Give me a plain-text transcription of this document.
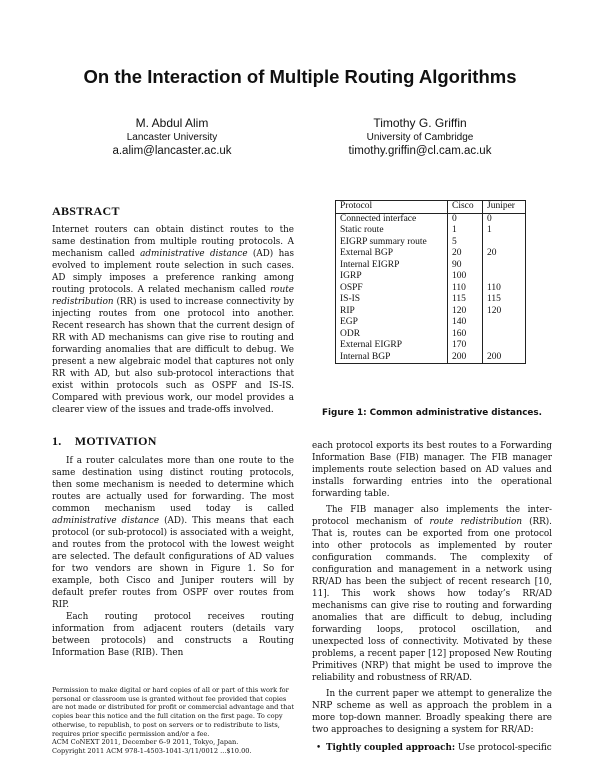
On the Interaction of Multiple Routing Algorithms
M. Abdul Alim
Lancaster University
a.alim@lancaster.ac.uk
Timothy G. Griffin
University of Cambridge
timothy.griffin@cl.cam.ac.uk
ABSTRACT

Internet routers can obtain distinct routes to the same destination from multiple routing protocols. A mechanism called administrative distance (AD) has evolved to implement route selection in such cases. AD simply imposes a preference ranking among routing protocols. A related mechanism called route redistribution (RR) is used to increase connectivity by injecting routes from one protocol into another. Recent research has shown that the current design of RR with AD mechanisms can give rise to routing and forwarding anomalies that are difficult to debug. We present a new algebraic model that captures not only RR with AD, but also sub-protocol interactions that exist within protocols such as OSPF and IS-IS. Compared with previous work, our model provides a clearer view of the issues and trade-offs involved.

1.    MOTIVATION

If a router calculates more than one route to the same destination using distinct routing protocols, then some mechanism is needed to determine which routes are actually used for forwarding. The most common mechanism used today is called administrative distance (AD). This means that each protocol (or sub-protocol) is associated with a weight, and routes from the protocol with the lowest weight are selected. The default configurations of AD values for two vendors are shown in Figure 1. So for example, both Cisco and Juniper routers will by default prefer routes from OSPF over routes from RIP.

Each routing protocol receives routing information from adjacent routers (details vary between protocols) and constructs a Routing Information Base (RIB). Then

Protocol	Cisco	Juniper
Connected interface	0	0
Static route	1	1
EIGRP summary route	5	
External BGP	20	20
Internal EIGRP	90	
IGRP	100	
OSPF	110	110
IS-IS	115	115
RIP	120	120
EGP	140	
ODR	160	
External EIGRP	170	
Internal BGP	200	200
Figure 1: Common administrative distances.

each protocol exports its best routes to a Forwarding Information Base (FIB) manager. The FIB manager implements route selection based on AD values and installs forwarding entries into the operational forwarding table.

The FIB manager also implements the inter-protocol mechanism of route redistribution (RR). That is, routes can be exported from one protocol into other protocols as implemented by router configuration commands. The complexity of configuration and management in a network using RR/AD has been the subject of recent research [10, 11]. This work shows how today’s RR/AD mechanisms can give rise to routing and forwarding anomalies that are difficult to debug, including forwarding loops, protocol oscillation, and unexpected loss of connectivity. Motivated by these problems, a recent paper [12] proposed New Routing Primitives (NRP) that might be used to improve the reliability and robustness of RR/AD.

In the current paper we attempt to generalize the NRP scheme as well as approach the problem in a more top-down manner. Broadly speaking there are two approaches to designing a system for RR/AD:

• Tightly coupled approach: Use protocol-specific

Permission to make digital or hard copies of all or part of this work for personal or classroom use is granted without fee provided that copies are not made or distributed for profit or commercial advantage and that copies bear this notice and the full citation on the first page. To copy otherwise, to republish, to post on servers or to redistribute to lists, requires prior specific permission and/or a fee.

ACM CoNEXT 2011, December 6–9 2011, Tokyo, Japan.

Copyright 2011 ACM 978-1-4503-1041-3/11/0012 ...$10.00.
